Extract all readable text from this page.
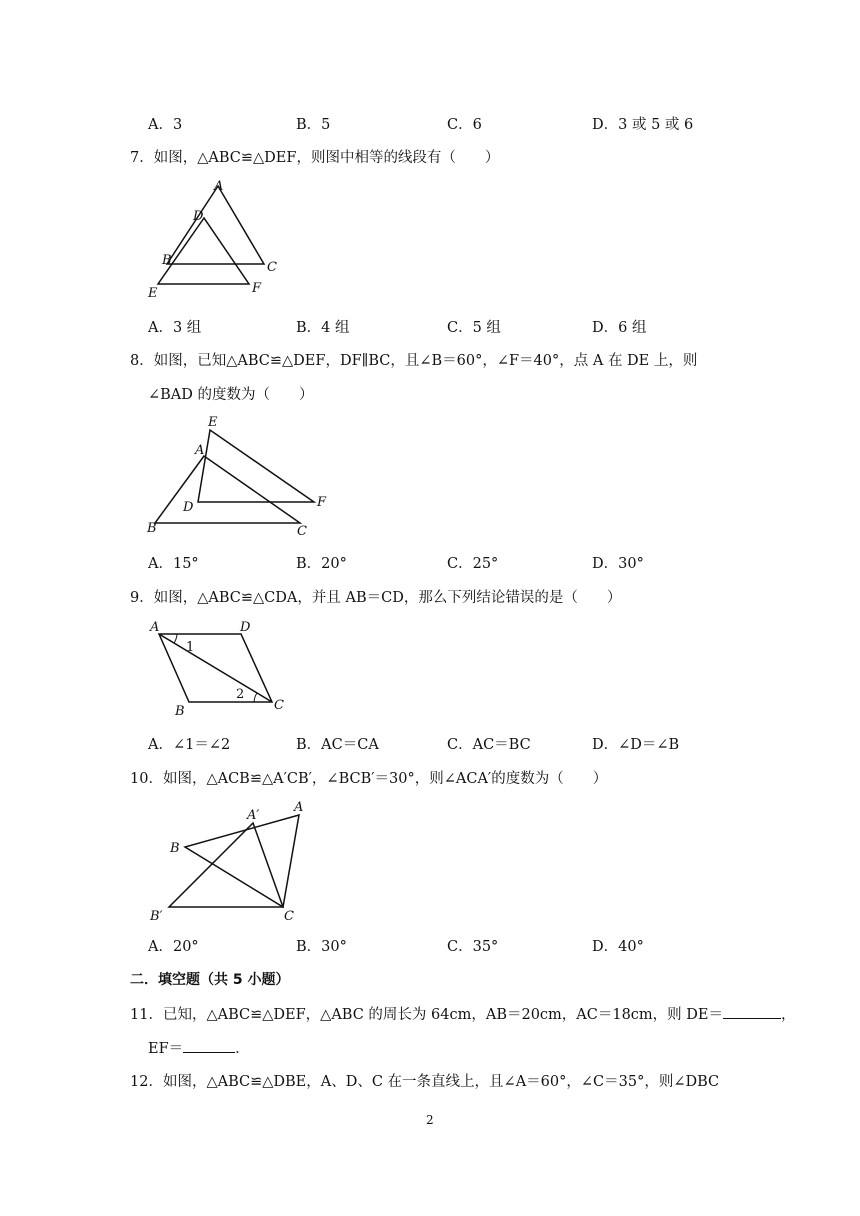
A．3	B．5	C．6	D．3 或 5 或 6
7．如图，△ABC≌△DEF，则图中相等的线段有（　　）
A
D
B	C
E	F
A．3 组	B．4 组	C．5 组	D．6 组
8．如图，已知△ABC≌△DEF，DF∥BC，且∠B＝60°，∠F＝40°，点 A 在 DE 上，则
∠BAD 的度数为（　　）
E
A
D	F
B	C
A．15°	B．20°	C．25°	D．30°
9．如图，△ABC≌△CDA，并且 AB＝CD，那么下列结论错误的是（　　）
A	D
C
B
1
2
A．∠1＝∠2	B．AC＝CA	C．AC＝BC	D．∠D＝∠B
10．如图，△ACB≌△A′CB′，∠BCB′＝30°，则∠ACA′的度数为（　　）
A
A′
B
B′	C
A．20°	B．30°	C．35°	D．40°
二．填空题（共 5 小题）
11．已知，△ABC≌△DEF，△ABC 的周长为 64cm，AB＝20cm，AC＝18cm，则 DE＝	，
EF＝	．
12．如图，△ABC≌△DBE，A、D、C 在一条直线上，且∠A＝60°，∠C＝35°，则∠DBC
2
